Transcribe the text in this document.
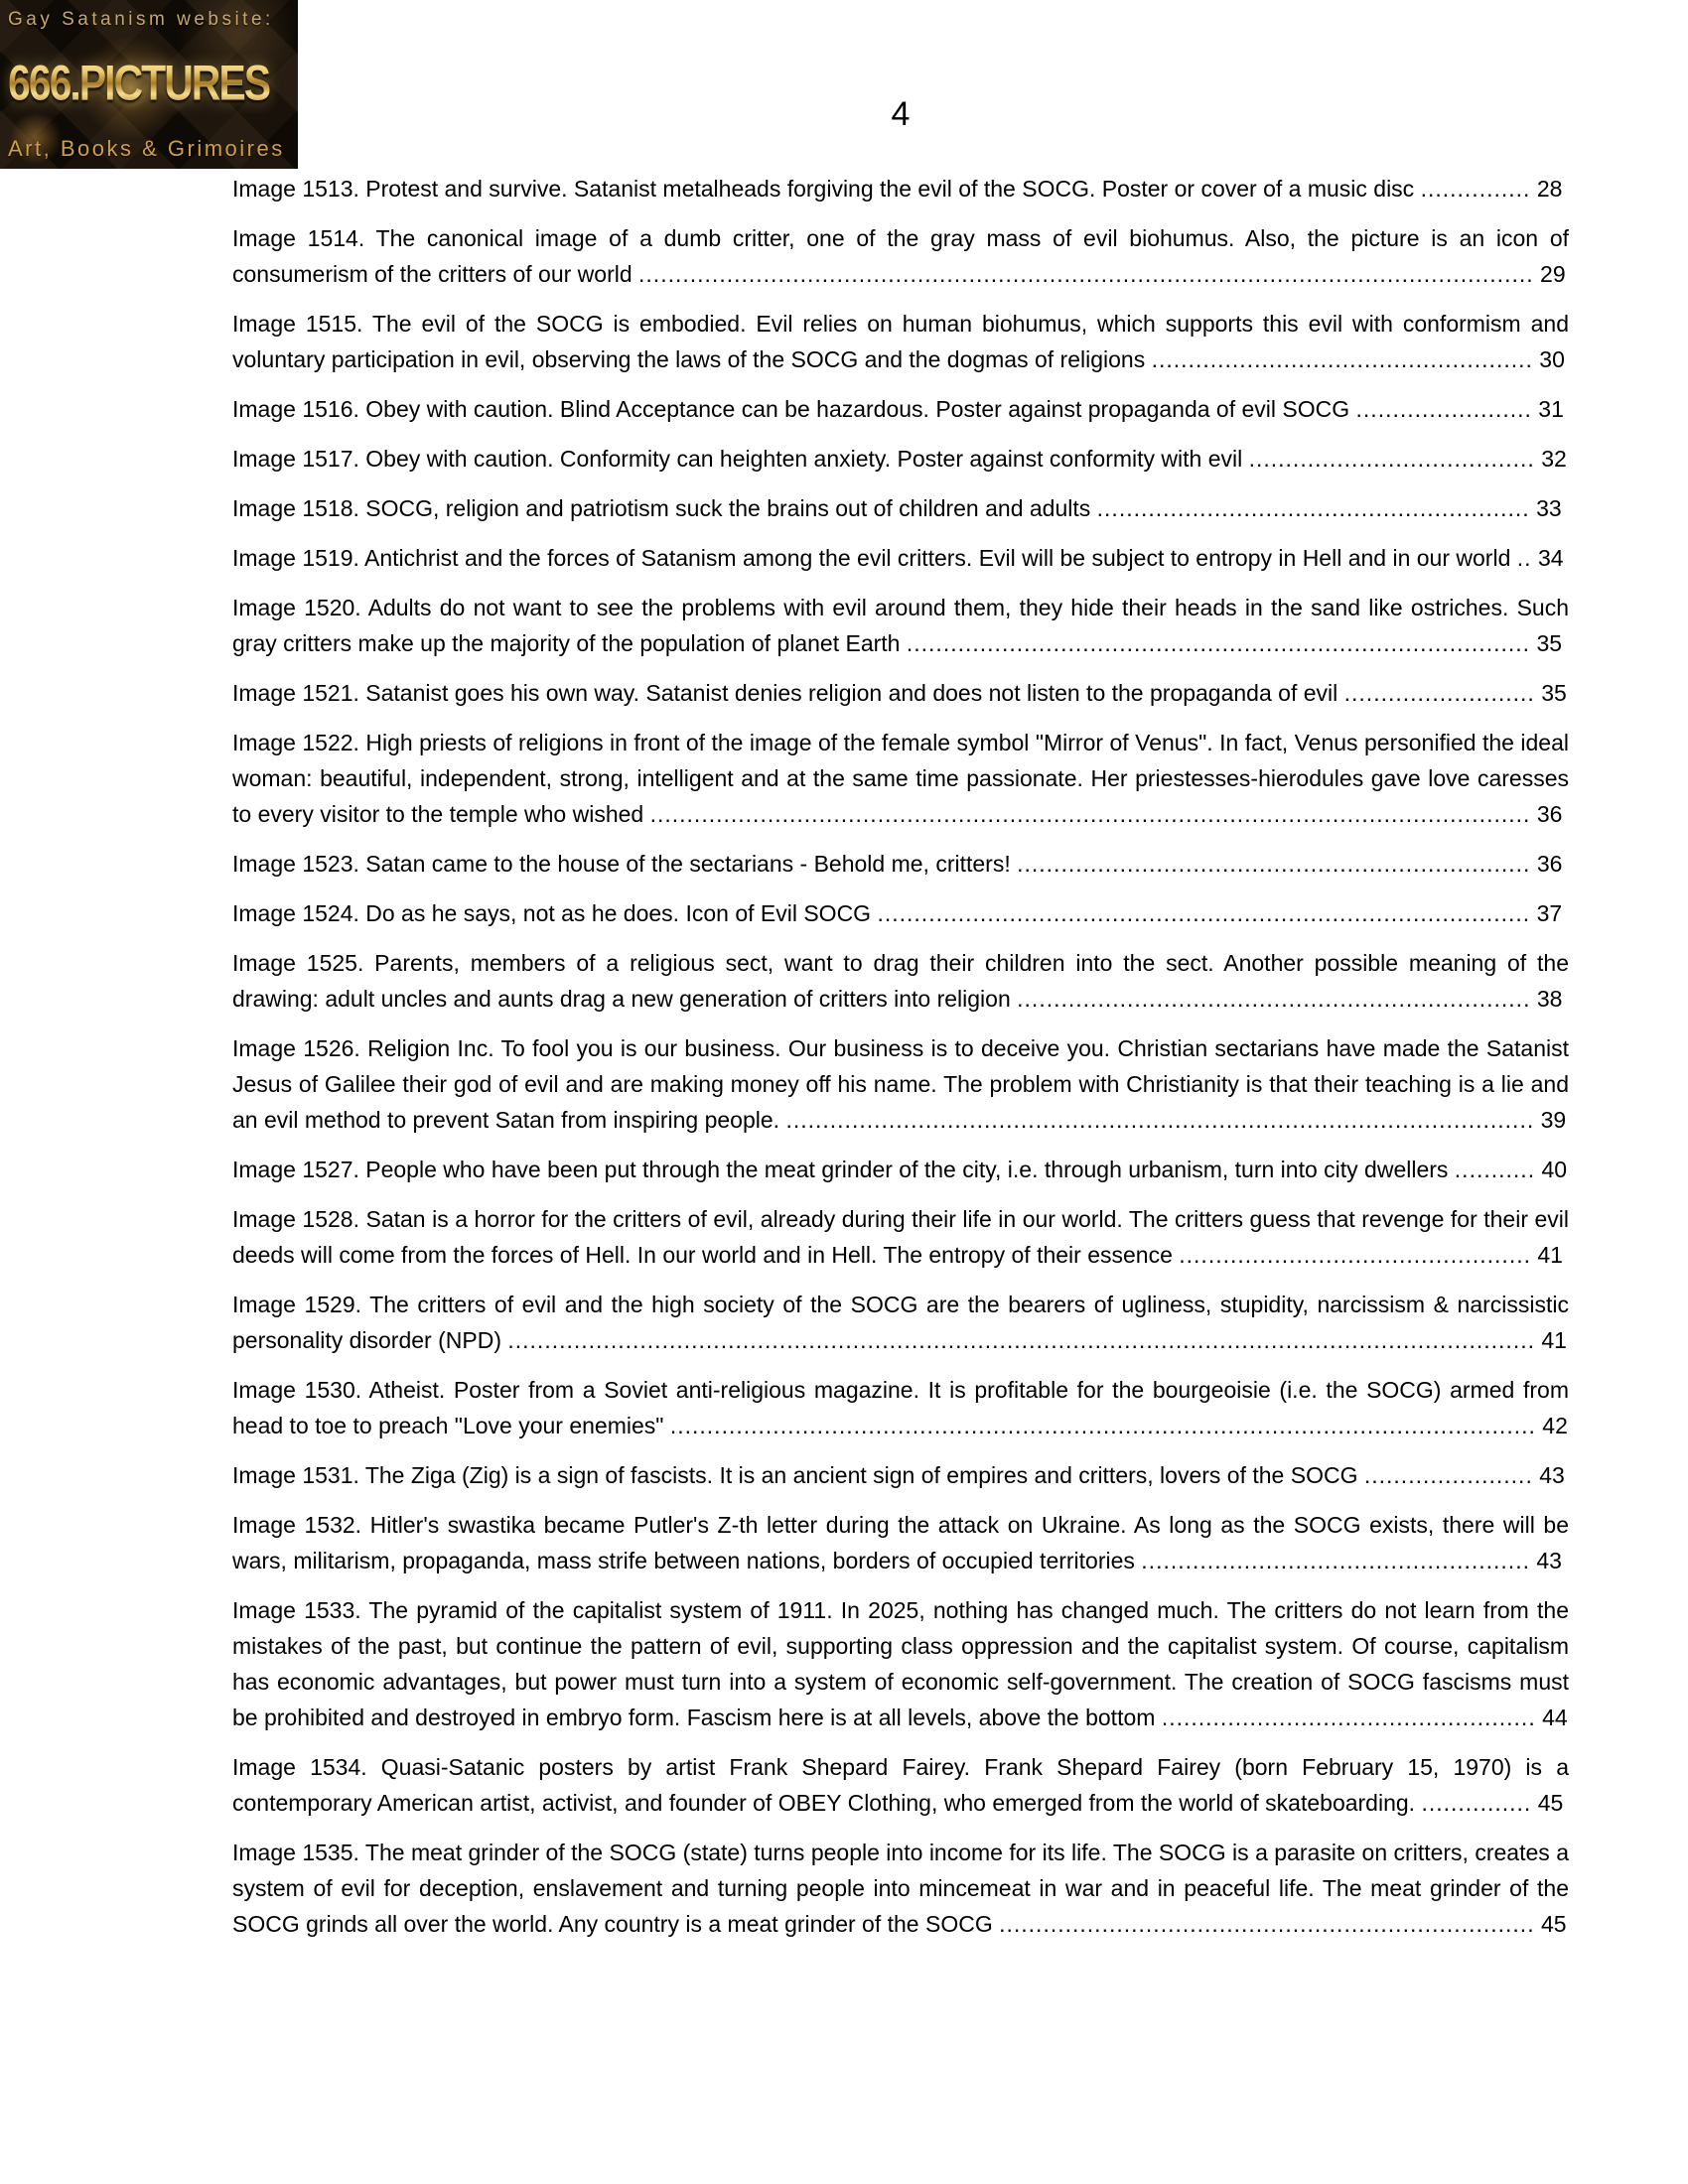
Gay Satanism website:
666.PICTURES
Art, Books & Grimoires
4

Image 1513. Protest and survive. Satanist metalheads forgiving the evil of the SOCG. Poster or cover of a music disc ............... 28

Image 1514. The canonical image of a dumb critter, one of the gray mass of evil biohumus. Also, the picture is an icon of consumerism of the critters of our world .......................................................................................................................... 29

Image 1515. The evil of the SOCG is embodied. Evil relies on human biohumus, which supports this evil with conformism and voluntary participation in evil, observing the laws of the SOCG and the dogmas of religions .................................................... 30

Image 1516. Obey with caution. Blind Acceptance can be hazardous. Poster against propaganda of evil SOCG ........................ 31

Image 1517. Obey with caution. Conformity can heighten anxiety. Poster against conformity with evil ....................................... 32

Image 1518. SOCG, religion and patriotism suck the brains out of children and adults ........................................................... 33

Image 1519. Antichrist and the forces of Satanism among the evil critters. Evil will be subject to entropy in Hell and in our world .. 34

Image 1520. Adults do not want to see the problems with evil around them, they hide their heads in the sand like ostriches. Such gray critters make up the majority of the population of planet Earth ..................................................................................... 35

Image 1521. Satanist goes his own way. Satanist denies religion and does not listen to the propaganda of evil .......................... 35

Image 1522. High priests of religions in front of the image of the female symbol "Mirror of Venus". In fact, Venus personified the ideal woman: beautiful, independent, strong, intelligent and at the same time passionate. Her priestesses-hierodules gave love caresses to every visitor to the temple who wished ........................................................................................................................ 36

Image 1523. Satan came to the house of the sectarians - Behold me, critters! ...................................................................... 36

Image 1524. Do as he says, not as he does. Icon of Evil SOCG ......................................................................................... 37

Image 1525. Parents, members of a religious sect, want to drag their children into the sect. Another possible meaning of the drawing: adult uncles and aunts drag a new generation of critters into religion ...................................................................... 38

Image 1526. Religion Inc. To fool you is our business. Our business is to deceive you. Christian sectarians have made the Satanist Jesus of Galilee their god of evil and are making money off his name. The problem with Christianity is that their teaching is a lie and an evil method to prevent Satan from inspiring people. ...................................................................................................... 39

Image 1527. People who have been put through the meat grinder of the city, i.e. through urbanism, turn into city dwellers ........... 40

Image 1528. Satan is a horror for the critters of evil, already during their life in our world. The critters guess that revenge for their evil deeds will come from the forces of Hell. In our world and in Hell. The entropy of their essence ................................................ 41

Image 1529. The critters of evil and the high society of the SOCG are the bearers of ugliness, stupidity, narcissism & narcissistic personality disorder (NPD) ............................................................................................................................................ 41

Image 1530. Atheist. Poster from a Soviet anti-religious magazine. It is profitable for the bourgeoisie (i.e. the SOCG) armed from head to toe to preach "Love your enemies" ...................................................................................................................... 42

Image 1531. The Ziga (Zig) is a sign of fascists. It is an ancient sign of empires and critters, lovers of the SOCG ....................... 43

Image 1532. Hitler's swastika became Putler's Z-th letter during the attack on Ukraine. As long as the SOCG exists, there will be wars, militarism, propaganda, mass strife between nations, borders of occupied territories ..................................................... 43

Image 1533. The pyramid of the capitalist system of 1911. In 2025, nothing has changed much. The critters do not learn from the mistakes of the past, but continue the pattern of evil, supporting class oppression and the capitalist system. Of course, capitalism has economic advantages, but power must turn into a system of economic self-government. The creation of SOCG fascisms must be prohibited and destroyed in embryo form. Fascism here is at all levels, above the bottom ................................................... 44

Image 1534. Quasi-Satanic posters by artist Frank Shepard Fairey. Frank Shepard Fairey (born February 15, 1970) is a contemporary American artist, activist, and founder of OBEY Clothing, who emerged from the world of skateboarding. ............... 45

Image 1535. The meat grinder of the SOCG (state) turns people into income for its life. The SOCG is a parasite on critters, creates a system of evil for deception, enslavement and turning people into mincemeat in war and in peaceful life. The meat grinder of the SOCG grinds all over the world. Any country is a meat grinder of the SOCG ......................................................................... 45
